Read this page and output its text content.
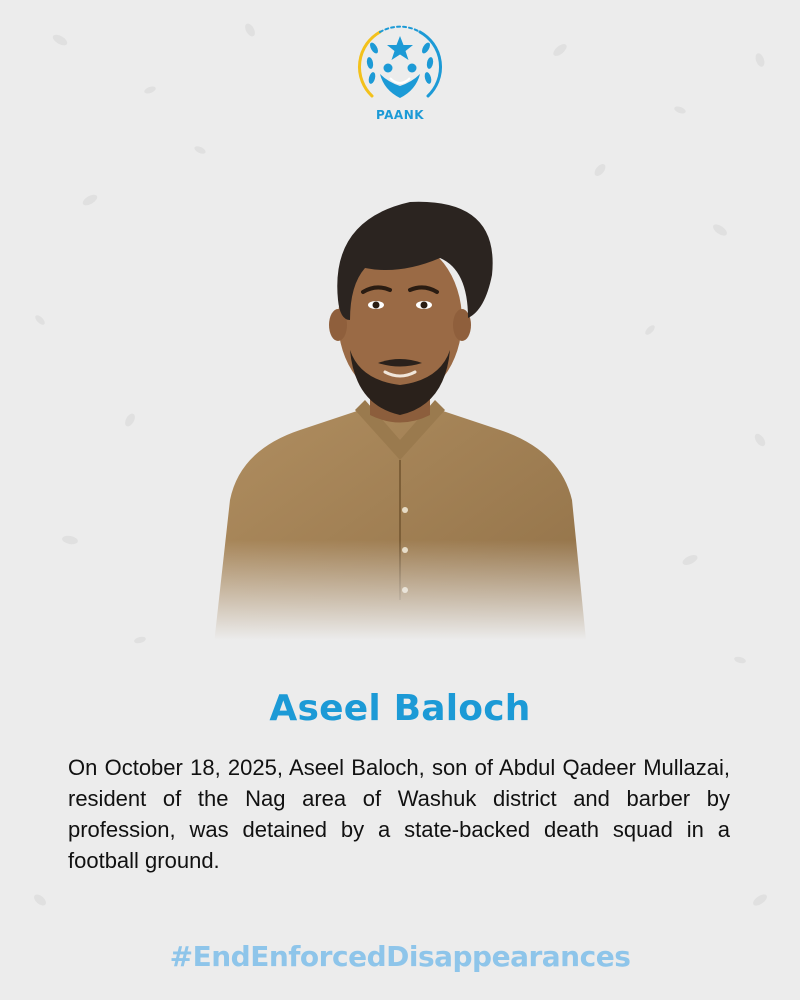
PAANK
Aseel Baloch

On October 18, 2025, Aseel Baloch, son of Abdul Qadeer Mullazai, resident of the Nag area of Washuk district and barber by profession, was detained by a state-backed death squad in a football ground.

#EndEnforcedDisappearances
